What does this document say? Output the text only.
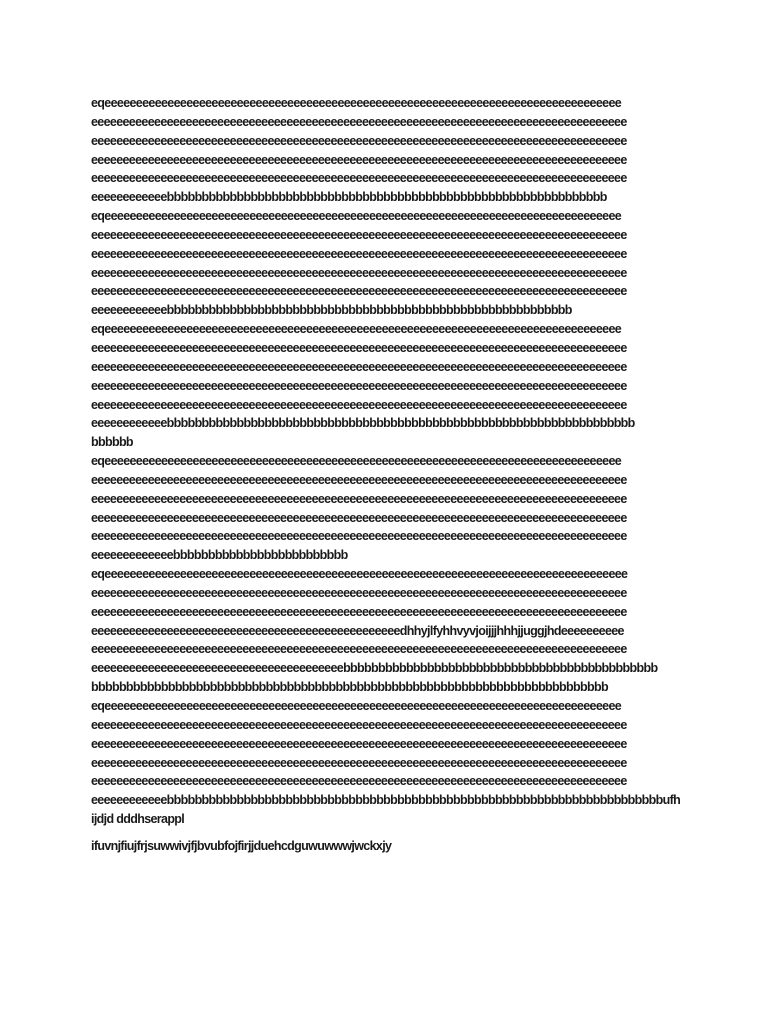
eqeeeeeeeeeeeeeeeeeeeeeeeeeeeeeeeeeeeeeeeeeeeeeeeeeeeeeeeeeeeeeeeeeeeeeeeeeeeeeeeeee
eeeeeeeeeeeeeeeeeeeeeeeeeeeeeeeeeeeeeeeeeeeeeeeeeeeeeeeeeeeeeeeeeeeeeeeeeeeeeeeeeeeee
eeeeeeeeeeeeeeeeeeeeeeeeeeeeeeeeeeeeeeeeeeeeeeeeeeeeeeeeeeeeeeeeeeeeeeeeeeeeeeeeeeeee
eeeeeeeeeeeeeeeeeeeeeeeeeeeeeeeeeeeeeeeeeeeeeeeeeeeeeeeeeeeeeeeeeeeeeeeeeeeeeeeeeeeee
eeeeeeeeeeeeeeeeeeeeeeeeeeeeeeeeeeeeeeeeeeeeeeeeeeeeeeeeeeeeeeeeeeeeeeeeeeeeeeeeeeeee
eeeeeeeeeeeebbbbbbbbbbbbbbbbbbbbbbbbbbbbbbbbbbbbbbbbbbbbbbbbbbbbbbbbbbbbbbb
eqeeeeeeeeeeeeeeeeeeeeeeeeeeeeeeeeeeeeeeeeeeeeeeeeeeeeeeeeeeeeeeeeeeeeeeeeeeeeeeeeee
eeeeeeeeeeeeeeeeeeeeeeeeeeeeeeeeeeeeeeeeeeeeeeeeeeeeeeeeeeeeeeeeeeeeeeeeeeeeeeeeeeeee
eeeeeeeeeeeeeeeeeeeeeeeeeeeeeeeeeeeeeeeeeeeeeeeeeeeeeeeeeeeeeeeeeeeeeeeeeeeeeeeeeeeee
eeeeeeeeeeeeeeeeeeeeeeeeeeeeeeeeeeeeeeeeeeeeeeeeeeeeeeeeeeeeeeeeeeeeeeeeeeeeeeeeeeeee
eeeeeeeeeeeeeeeeeeeeeeeeeeeeeeeeeeeeeeeeeeeeeeeeeeeeeeeeeeeeeeeeeeeeeeeeeeeeeeeeeeeee
eeeeeeeeeeeebbbbbbbbbbbbbbbbbbbbbbbbbbbbbbbbbbbbbbbbbbbbbbbbbbbbbbbbbb
eqeeeeeeeeeeeeeeeeeeeeeeeeeeeeeeeeeeeeeeeeeeeeeeeeeeeeeeeeeeeeeeeeeeeeeeeeeeeeeeeeee
eeeeeeeeeeeeeeeeeeeeeeeeeeeeeeeeeeeeeeeeeeeeeeeeeeeeeeeeeeeeeeeeeeeeeeeeeeeeeeeeeeeee
eeeeeeeeeeeeeeeeeeeeeeeeeeeeeeeeeeeeeeeeeeeeeeeeeeeeeeeeeeeeeeeeeeeeeeeeeeeeeeeeeeeee
eeeeeeeeeeeeeeeeeeeeeeeeeeeeeeeeeeeeeeeeeeeeeeeeeeeeeeeeeeeeeeeeeeeeeeeeeeeeeeeeeeeee
eeeeeeeeeeeeeeeeeeeeeeeeeeeeeeeeeeeeeeeeeeeeeeeeeeeeeeeeeeeeeeeeeeeeeeeeeeeeeeeeeeeee
eeeeeeeeeeeebbbbbbbbbbbbbbbbbbbbbbbbbbbbbbbbbbbbbbbbbbbbbbbbbbbbbbbbbbbbbbbbbbb
bbbbbb
eqeeeeeeeeeeeeeeeeeeeeeeeeeeeeeeeeeeeeeeeeeeeeeeeeeeeeeeeeeeeeeeeeeeeeeeeeeeeeeeeeee
eeeeeeeeeeeeeeeeeeeeeeeeeeeeeeeeeeeeeeeeeeeeeeeeeeeeeeeeeeeeeeeeeeeeeeeeeeeeeeeeeeeee
eeeeeeeeeeeeeeeeeeeeeeeeeeeeeeeeeeeeeeeeeeeeeeeeeeeeeeeeeeeeeeeeeeeeeeeeeeeeeeeeeeeee
eeeeeeeeeeeeeeeeeeeeeeeeeeeeeeeeeeeeeeeeeeeeeeeeeeeeeeeeeeeeeeeeeeeeeeeeeeeeeeeeeeeee
eeeeeeeeeeeeeeeeeeeeeeeeeeeeeeeeeeeeeeeeeeeeeeeeeeeeeeeeeeeeeeeeeeeeeeeeeeeeeeeeeeeee
eeeeeeeeeeeeebbbbbbbbbbbbbbbbbbbbbbbbb
eqeeeeeeeeeeeeeeeeeeeeeeeeeeeeeeeeeeeeeeeeeeeeeeeeeeeeeeeeeeeeeeeeeeeeeeeeeeeeeeeeeee
eeeeeeeeeeeeeeeeeeeeeeeeeeeeeeeeeeeeeeeeeeeeeeeeeeeeeeeeeeeeeeeeeeeeeeeeeeeeeeeeeeeee
eeeeeeeeeeeeeeeeeeeeeeeeeeeeeeeeeeeeeeeeeeeeeeeeeeeeeeeeeeeeeeeeeeeeeeeeeeeeeeeeeeeee
eeeeeeeeeeeeeeeeeeeeeeeeeeeeeeeeeeeeeeeeeeeeeeeeedhhyjlfyhhvyvjoijjjhhhjjuggjhdeeeeeeeeee
eeeeeeeeeeeeeeeeeeeeeeeeeeeeeeeeeeeeeeeeeeeeeeeeeeeeeeeeeeeeeeeeeeeeeeeeeeeeeeeeeeeee
eeeeeeeeeeeeeeeeeeeeeeeeeeeeeeeeeeeeeeeebbbbbbbbbbbbbbbbbbbbbbbbbbbbbbbbbbbbbbbbbbbbb
bbbbbbbbbbbbbbbbbbbbbbbbbbbbbbbbbbbbbbbbbbbbbbbbbbbbbbbbbbbbbbbbbbbbbbbbbb
eqeeeeeeeeeeeeeeeeeeeeeeeeeeeeeeeeeeeeeeeeeeeeeeeeeeeeeeeeeeeeeeeeeeeeeeeeeeeeeeeeee
eeeeeeeeeeeeeeeeeeeeeeeeeeeeeeeeeeeeeeeeeeeeeeeeeeeeeeeeeeeeeeeeeeeeeeeeeeeeeeeeeeeee
eeeeeeeeeeeeeeeeeeeeeeeeeeeeeeeeeeeeeeeeeeeeeeeeeeeeeeeeeeeeeeeeeeeeeeeeeeeeeeeeeeeee
eeeeeeeeeeeeeeeeeeeeeeeeeeeeeeeeeeeeeeeeeeeeeeeeeeeeeeeeeeeeeeeeeeeeeeeeeeeeeeeeeeeee
eeeeeeeeeeeeeeeeeeeeeeeeeeeeeeeeeeeeeeeeeeeeeeeeeeeeeeeeeeeeeeeeeeeeeeeeeeeeeeeeeeeee
eeeeeeeeeeeebbbbbbbbbbbbbbbbbbbbbbbbbbbbbbbbbbbbbbbbbbbbbbbbbbbbbbbbbbbbbbbbbbbbbbbufh
ijdjd dddhserappl
ifuvnjfiujfrjsuwwivjfjbvubfojfirjjduehcdguwuwwwjwckxjy
